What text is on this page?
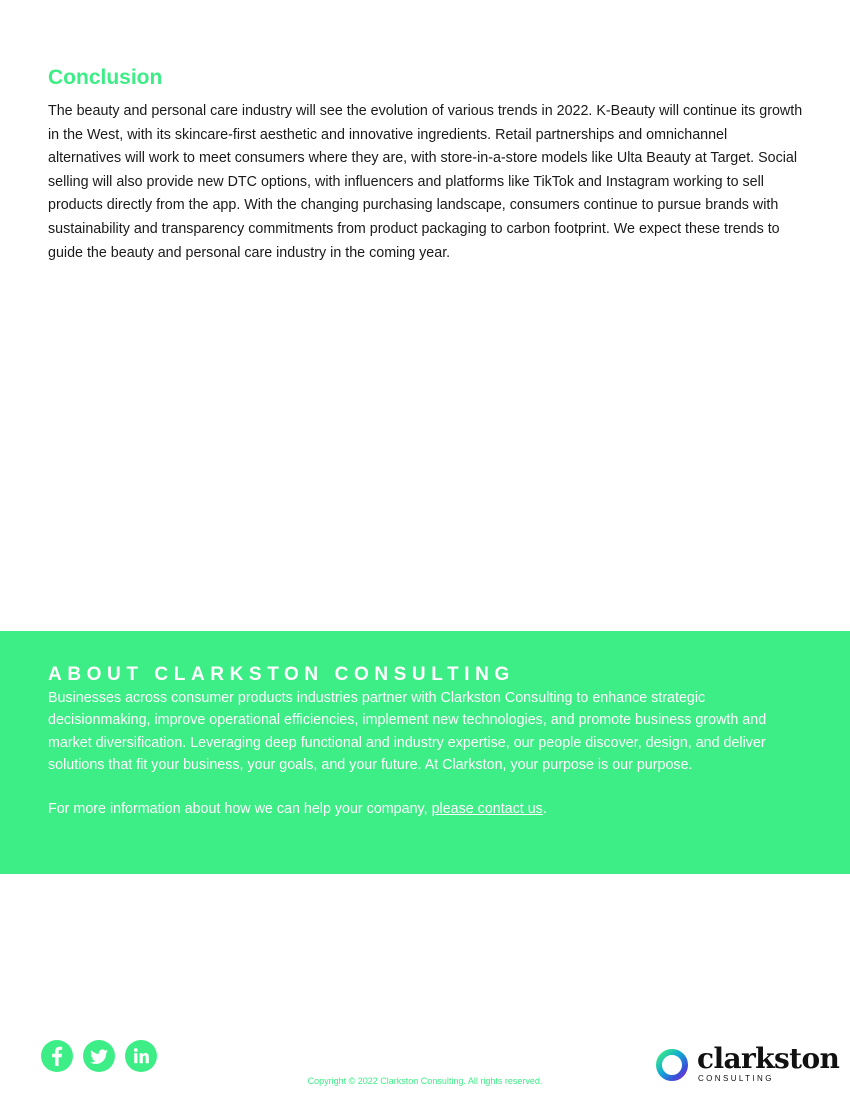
Conclusion

The beauty and personal care industry will see the evolution of various trends in 2022. K-Beauty will continue its growth in the West, with its skincare-first aesthetic and innovative ingredients. Retail partnerships and omnichannel alternatives will work to meet consumers where they are, with store-in-a-store models like Ulta Beauty at Target. Social selling will also provide new DTC options, with influencers and platforms like TikTok and Instagram working to sell products directly from the app. With the changing purchasing landscape, consumers continue to pursue brands with sustainability and transparency commitments from product packaging to carbon footprint. We expect these trends to guide the beauty and personal care industry in the coming year.

ABOUT CLARKSTON CONSULTING

Businesses across consumer products industries partner with Clarkston Consulting to enhance strategic decisionmaking, improve operational efficiencies, implement new technologies, and promote business growth and market diversification. Leveraging deep functional and industry expertise, our people discover, design, and deliver solutions that fit your business, your goals, and your future. At Clarkston, your purpose is our purpose.

For more information about how we can help your company, please contact us.

Copyright © 2022 Clarkston Consulting. All rights reserved.
clarkston
CONSULTING
